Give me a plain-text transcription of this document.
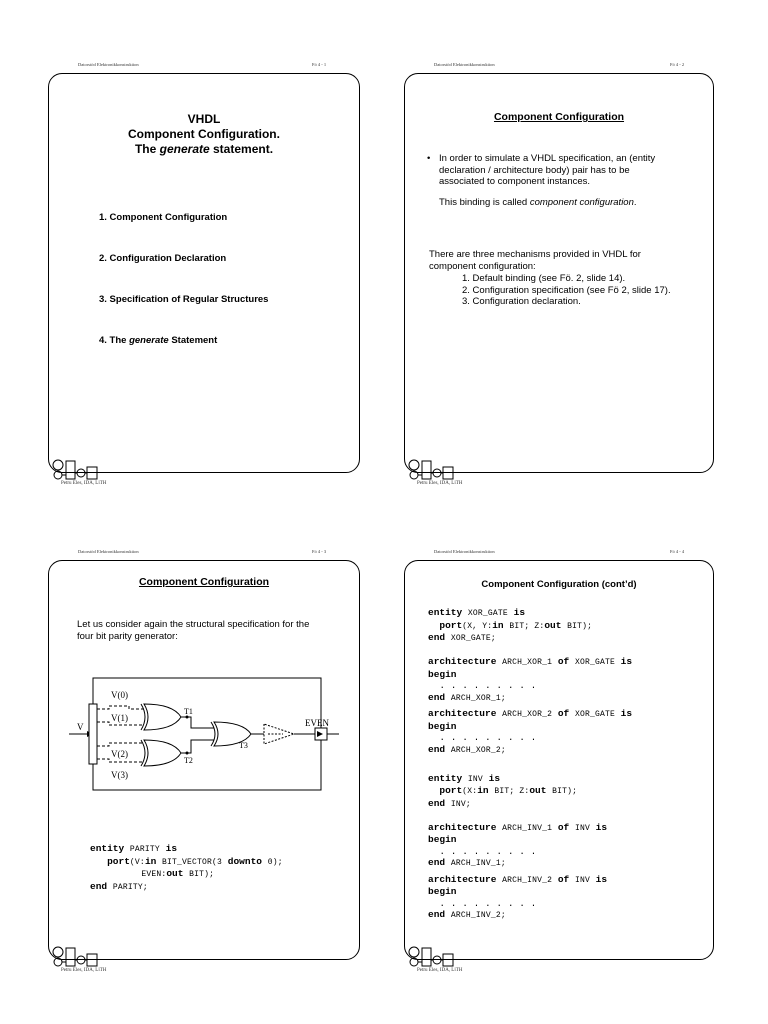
Datorstöd Elektronikkonstruktion	Fö 4 - 1
VHDL
Component Configuration.
The generate statement.
1. Component Configuration
2. Configuration Declaration
3. Specification of Regular Structures
4. The generate Statement
Petru Eles, IDA, LiTH
Datorstöd Elektronikkonstruktion	Fö 4 - 2
Component Configuration
• In order to simulate a VHDL specification, an (entity
declaration / architecture body) pair has to be
associated to component instances.
This binding is called component configuration.
There are three mechanisms provided in VHDL for
component configuration:
1. Default binding (see Fö. 2, slide 14).
2. Configuration specification (see Fö 2, slide 17).
3. Configuration declaration.
Petru Eles, IDA, LiTH
Datorstöd Elektronikkonstruktion	Fö 4 - 3
Component Configuration
Let us consider again the structural specification for the
four bit parity generator:
V(0)
V(1)
V(2)
V(3)
V
T1
T2
T3
EVEN
entity PARITY is
port(V:in BIT_VECTOR(3 downto 0);
EVEN:out BIT);
end PARITY;
Petru Eles, IDA, LiTH
Datorstöd Elektronikkonstruktion	Fö 4 - 4
Component Configuration (cont’d)
entity XOR_GATE is
port(X, Y:in BIT; Z:out BIT);
end XOR_GATE;

architecture ARCH_XOR_1 of XOR_GATE is
begin
. . . . . . . . .
end ARCH_XOR_1;
architecture ARCH_XOR_2 of XOR_GATE is
begin
. . . . . . . . .
end ARCH_XOR_2;

entity INV is
port(X:in BIT; Z:out BIT);
end INV;

architecture ARCH_INV_1 of INV is
begin
. . . . . . . . .
end ARCH_INV_1;
architecture ARCH_INV_2 of INV is
begin
. . . . . . . . .
end ARCH_INV_2;
Petru Eles, IDA, LiTH
